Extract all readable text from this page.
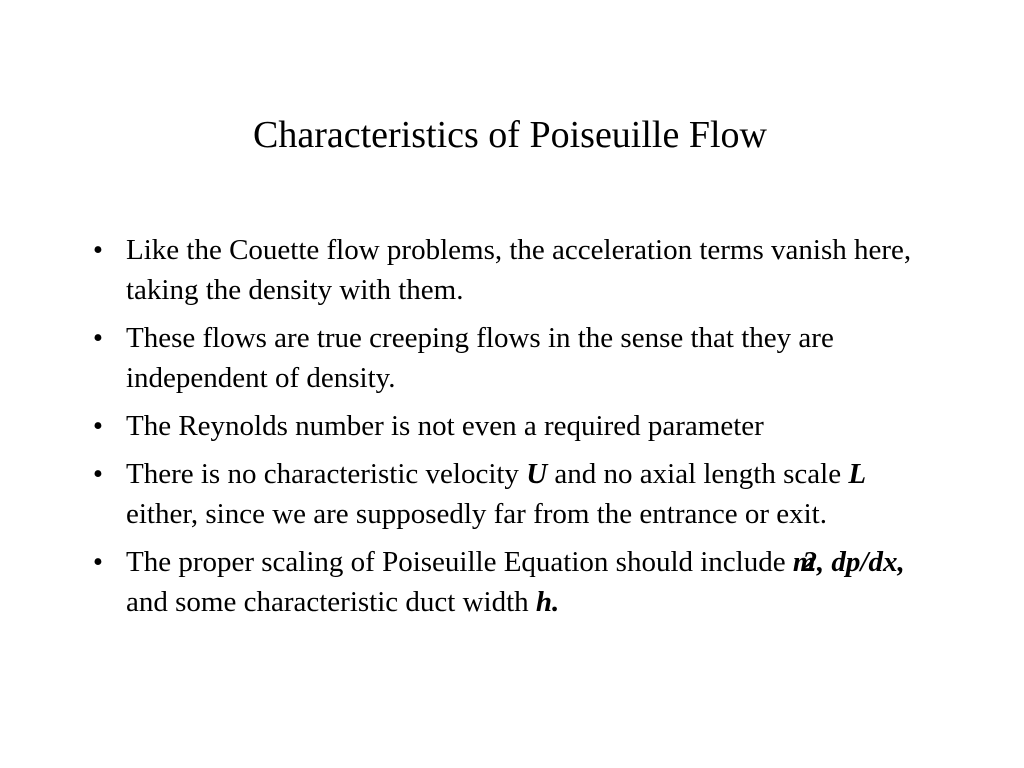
Characteristics of Poiseuille Flow
• Like the Couette flow problems, the acceleration terms vanish here, taking the density with them.
• These flows are true creeping flows in the sense that they are independent of density.
• The Reynolds number is not even a required parameter
• There is no characteristic velocity U and no axial length scale L either, since we are supposedly far from the entrance or exit.
• The proper scaling of Poiseuille Equation should include m2, dp/dx, and some characteristic duct width h.
